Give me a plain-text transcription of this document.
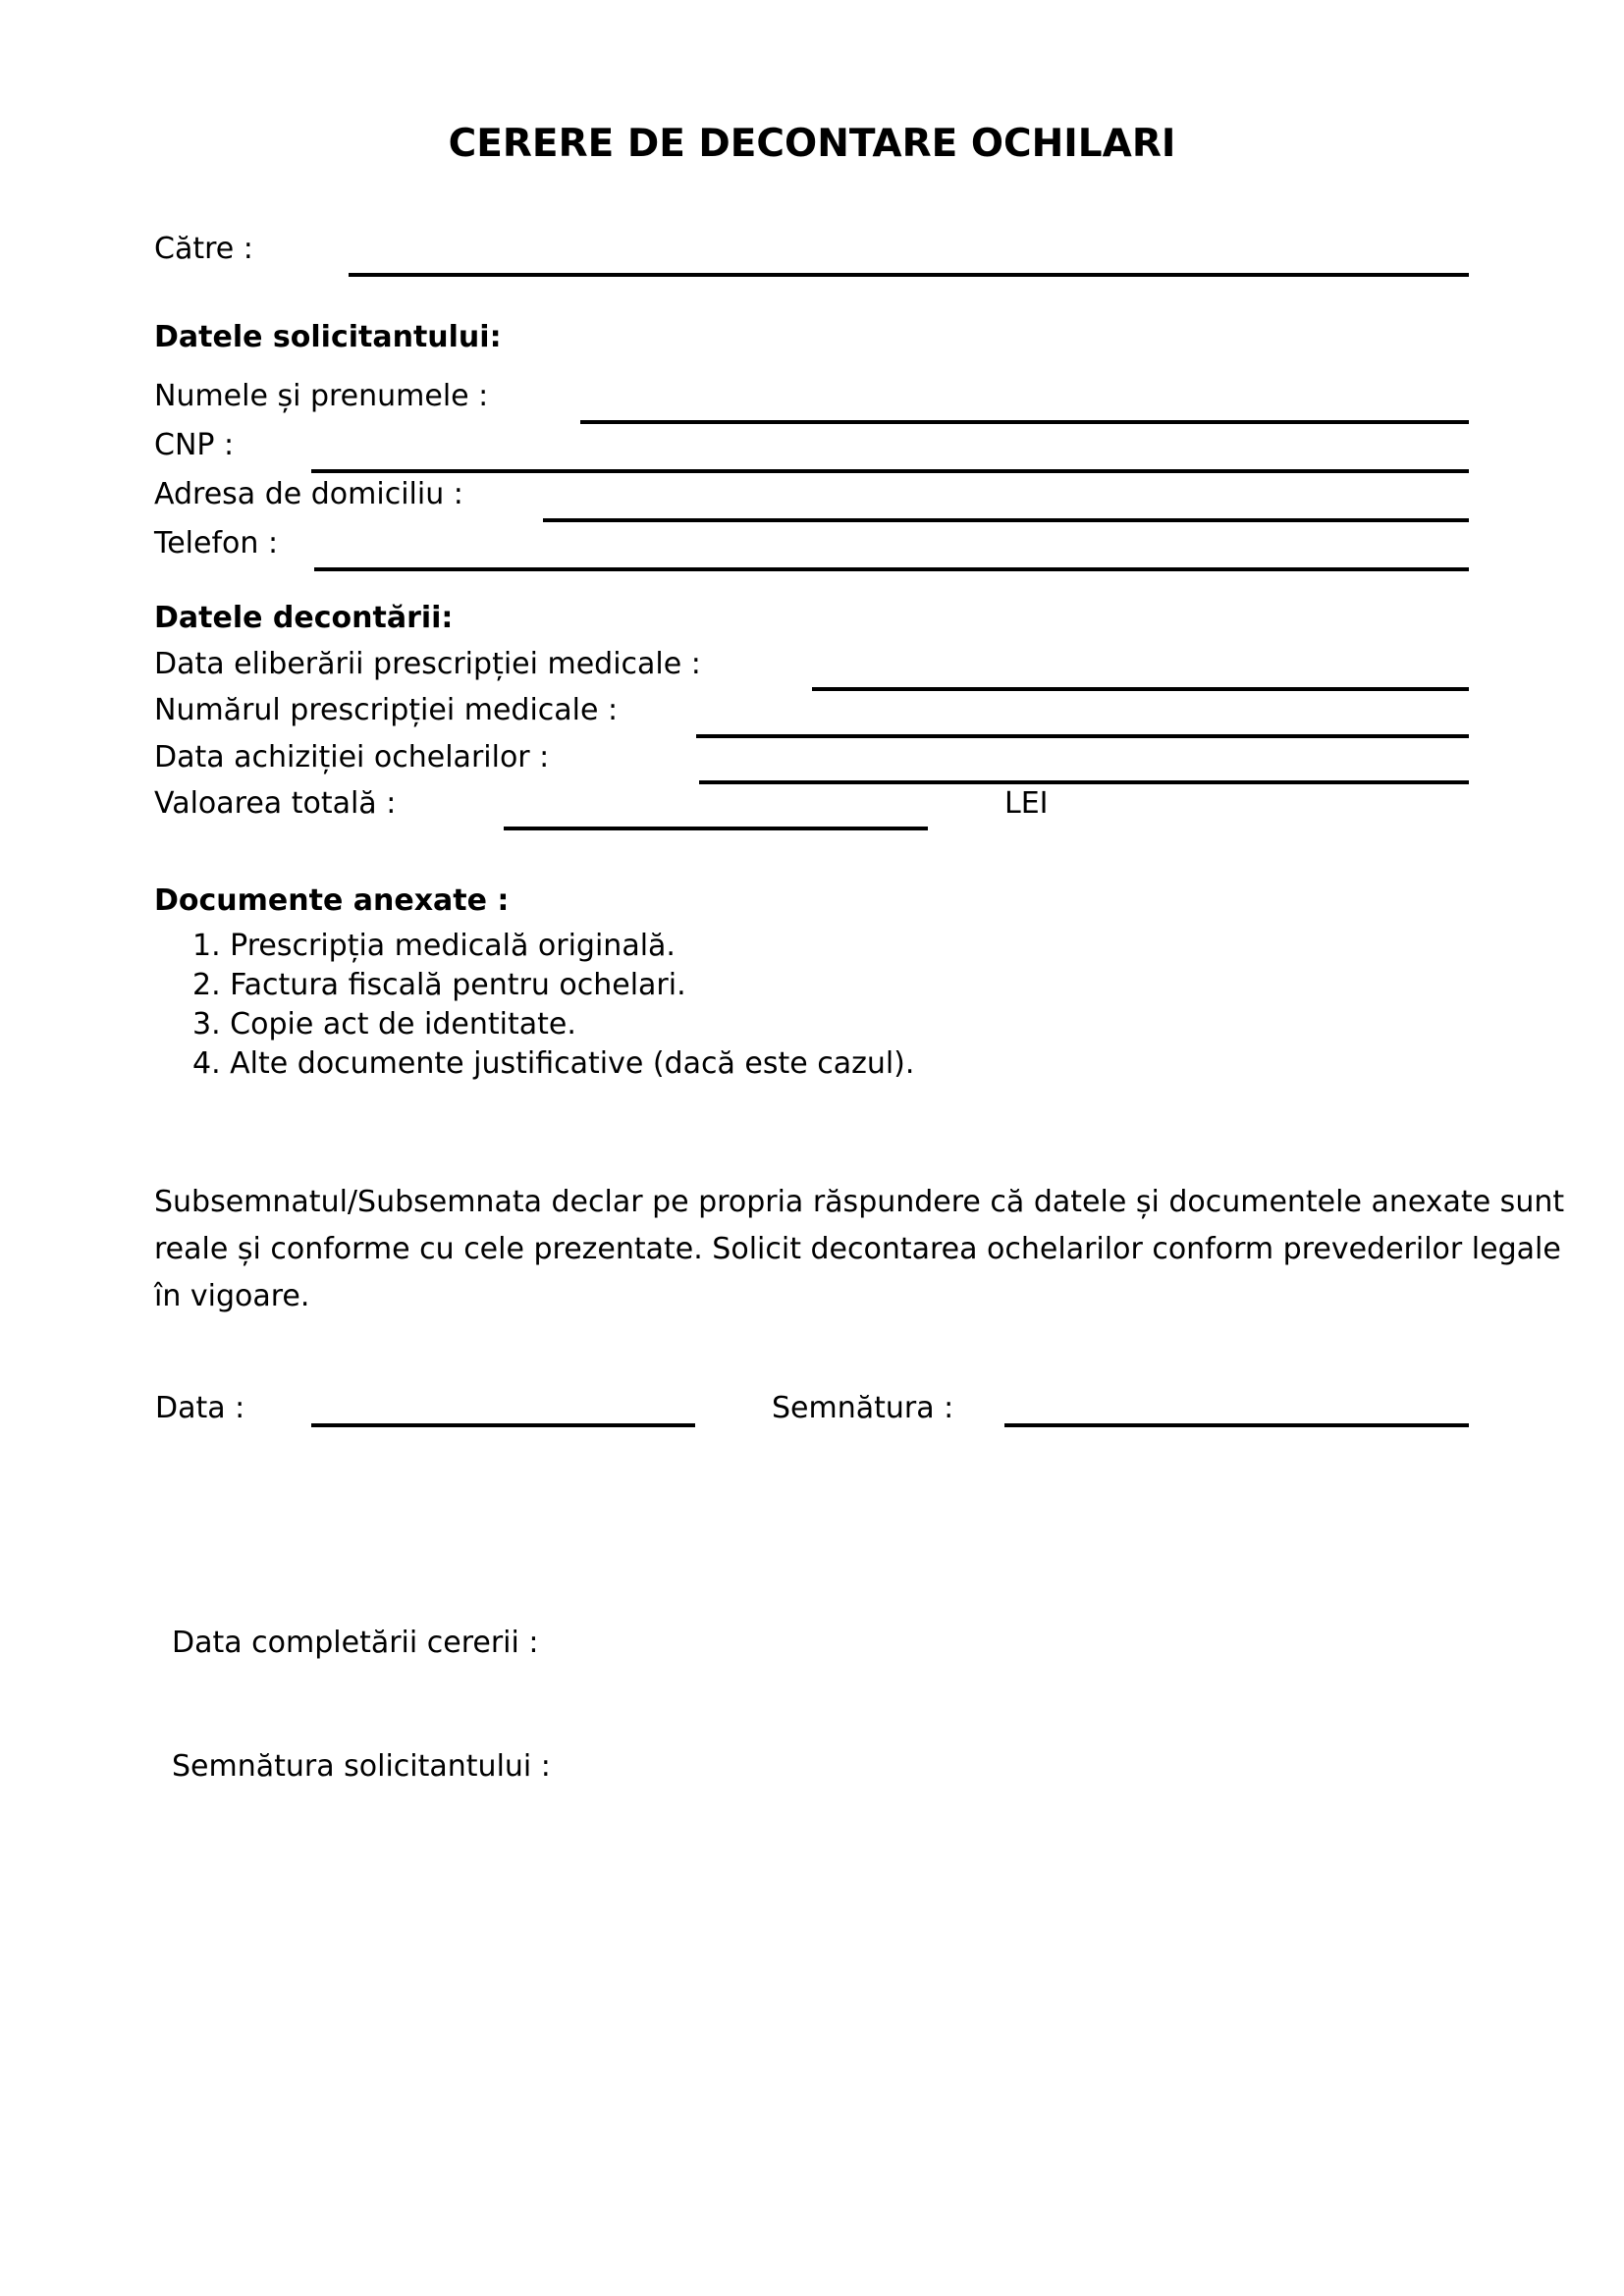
CERERE DE DECONTARE OCHILARI
Către :
Datele solicitantului:
Numele și prenumele :
CNP :
Adresa de domiciliu :
Telefon :
Datele decontării:
Data eliberării prescripției medicale :
Numărul prescripției medicale :
Data achiziției ochelarilor :
Valoarea totală :	LEI
Documente anexate :
1. Prescripția medicală originală.
2. Factura fiscală pentru ochelari.
3. Copie act de identitate.
4. Alte documente justificative (dacă este cazul).
Subsemnatul/Subsemnata declar pe propria răspundere că datele și documentele anexate sunt
reale și conforme cu cele prezentate. Solicit decontarea ochelarilor conform prevederilor legale
în vigoare.
Data :	Semnătura :
Data completării cererii :
Semnătura solicitantului :
